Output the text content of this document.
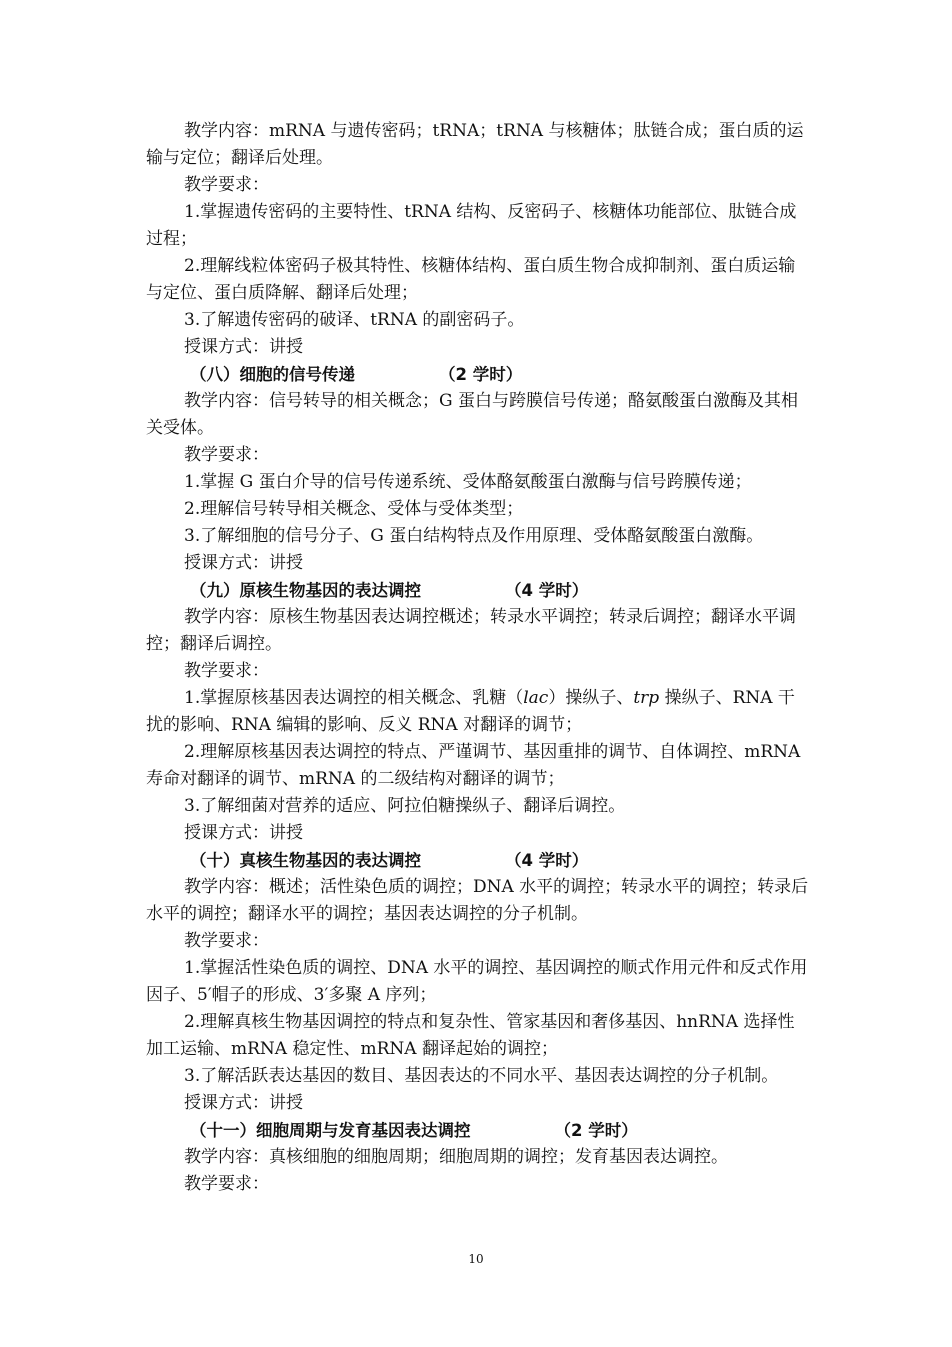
教学内容：mRNA 与遗传密码；tRNA；tRNA 与核糖体；肽链合成；蛋白质的运输与定位；翻译后处理。

教学要求：

1.掌握遗传密码的主要特性、tRNA 结构、反密码子、核糖体功能部位、肽链合成过程；

2.理解线粒体密码子极其特性、核糖体结构、蛋白质生物合成抑制剂、蛋白质运输与定位、蛋白质降解、翻译后处理；

3.了解遗传密码的破译、tRNA 的副密码子。

授课方式：讲授

（八）细胞的信号传递	（2 学时）

教学内容：信号转导的相关概念；G 蛋白与跨膜信号传递；酪氨酸蛋白激酶及其相关受体。

教学要求：

1.掌握 G 蛋白介导的信号传递系统、受体酪氨酸蛋白激酶与信号跨膜传递；

2.理解信号转导相关概念、受体与受体类型；

3.了解细胞的信号分子、G 蛋白结构特点及作用原理、受体酪氨酸蛋白激酶。

授课方式：讲授

（九）原核生物基因的表达调控	（4 学时）

教学内容：原核生物基因表达调控概述；转录水平调控；转录后调控；翻译水平调控；翻译后调控。

教学要求：

1.掌握原核基因表达调控的相关概念、乳糖（lac）操纵子、trp 操纵子、RNA 干扰的影响、RNA 编辑的影响、反义 RNA 对翻译的调节；

2.理解原核基因表达调控的特点、严谨调节、基因重排的调节、自体调控、mRNA 寿命对翻译的调节、mRNA 的二级结构对翻译的调节；

3.了解细菌对营养的适应、阿拉伯糖操纵子、翻译后调控。

授课方式：讲授

（十）真核生物基因的表达调控	（4 学时）

教学内容：概述；活性染色质的调控；DNA 水平的调控；转录水平的调控；转录后水平的调控；翻译水平的调控；基因表达调控的分子机制。

教学要求：

1.掌握活性染色质的调控、DNA 水平的调控、基因调控的顺式作用元件和反式作用因子、5′帽子的形成、3′多聚 A 序列；

2.理解真核生物基因调控的特点和复杂性、管家基因和奢侈基因、hnRNA 选择性加工运输、mRNA 稳定性、mRNA 翻译起始的调控；

3.了解活跃表达基因的数目、基因表达的不同水平、基因表达调控的分子机制。

授课方式：讲授

（十一）细胞周期与发育基因表达调控	（2 学时）

教学内容：真核细胞的细胞周期；细胞周期的调控；发育基因表达调控。

教学要求：

10
